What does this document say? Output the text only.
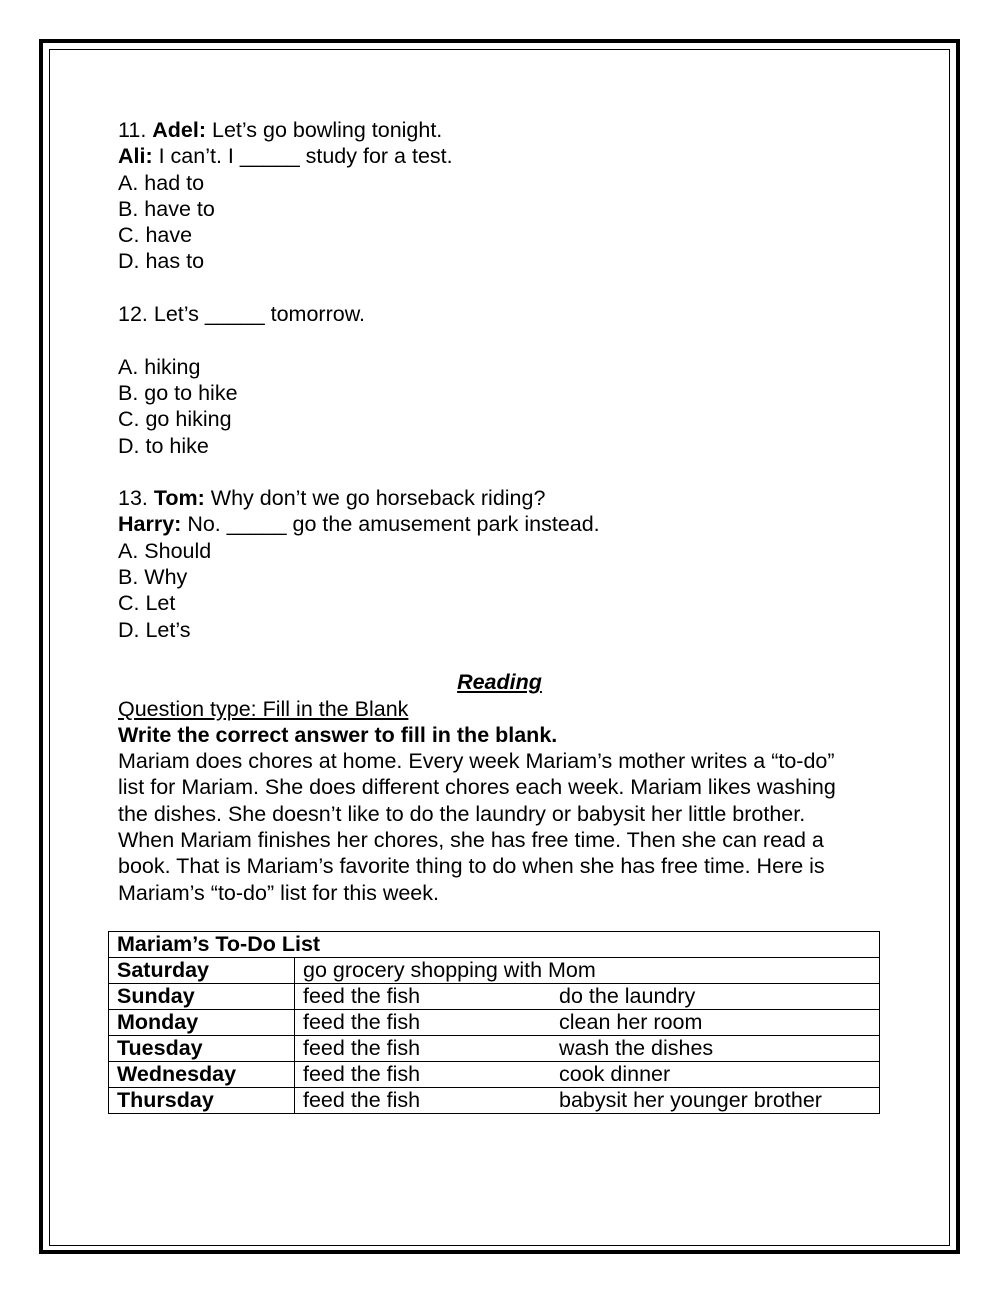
11. Adel: Let’s go bowling tonight.
Ali: I can’t. I _____ study for a test.
A. had to
B. have to
C. have
D. has to
12. Let’s _____ tomorrow.
A. hiking
B. go to hike
C. go hiking
D. to hike
13. Tom: Why don’t we go horseback riding?
Harry: No. _____ go the amusement park instead.
A. Should
B. Why
C. Let
D. Let’s
Reading
Question type: Fill in the Blank
Write the correct answer to fill in the blank.
Mariam does chores at home. Every week Mariam’s mother writes a “to-do”
list for Mariam. She does different chores each week. Mariam likes washing
the dishes. She doesn’t like to do the laundry or babysit her little brother.
When Mariam finishes her chores, she has free time. Then she can read a
book. That is Mariam’s favorite thing to do when she has free time. Here is
Mariam’s “to-do” list for this week.
Mariam’s To-Do List		
Saturday	go grocery shopping with Mom	
Sunday	feed the fish	do the laundry
Monday	feed the fish	clean her room
Tuesday	feed the fish	wash the dishes
Wednesday	feed the fish	cook dinner
Thursday	feed the fish	babysit her younger brother
